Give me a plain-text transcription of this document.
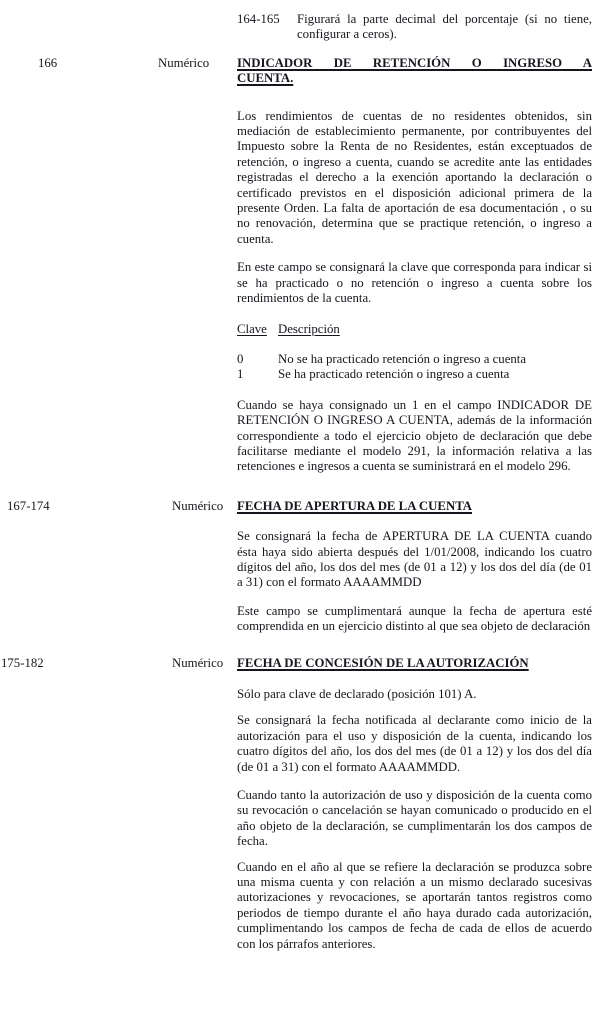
164-165 Figurará la parte decimal del porcentaje (si no tiene, configurar a ceros).
166	Numérico INDICADOR DE RETENCIÓN O INGRESO A
CUENTA.
Los rendimientos de cuentas de no residentes obtenidos, sin mediación de establecimiento permanente, por contribuyentes del Impuesto sobre la Renta de no Residentes, están exceptuados de retención, o ingreso a cuenta, cuando se acredite ante las entidades registradas el derecho a la exención aportando la declaración o certificado previstos en el disposición adicional primera de la presente Orden. La falta de aportación de esa documentación , o su no renovación, determina que se practique retención, o ingreso a cuenta.
En este campo se consignará la clave que corresponda para indicar si se ha practicado o no retención o ingreso a cuenta sobre los rendimientos de la cuenta.
Clave Descripción
0	No se ha practicado retención o ingreso a cuenta
1	Se ha practicado retención o ingreso a cuenta
Cuando se haya consignado un 1 en el campo INDICADOR DE RETENCIÓN O INGRESO A CUENTA, además de la información correspondiente a todo el ejercicio objeto de declaración que debe facilitarse mediante el modelo 291, la información relativa a las retenciones e ingresos a cuenta se suministrará en el modelo 296.
167-174	Numérico FECHA DE APERTURA DE LA CUENTA
Se consignará la fecha de APERTURA DE LA CUENTA cuando ésta haya sido abierta después del 1/01/2008, indicando los cuatro dígitos del año, los dos del mes (de 01 a 12) y los dos del día (de 01 a 31) con el formato AAAAMMDD
Este campo se cumplimentará aunque la fecha de apertura esté comprendida en un ejercicio distinto al que sea objeto de declaración
175-182	Numérico FECHA DE CONCESIÓN DE LA AUTORIZACIÓN
Sólo para clave de declarado (posición 101) A.
Se consignará la fecha notificada al declarante como inicio de la autorización para el uso y disposición de la cuenta, indicando los cuatro dígitos del año, los dos del mes (de 01 a 12) y los dos del día (de 01 a 31) con el formato AAAAMMDD.
Cuando tanto la autorización de uso y disposición de la cuenta como su revocación o cancelación se hayan comunicado o producido en el año objeto de la declaración, se cumplimentarán los dos campos de fecha.
Cuando en el año al que se refiere la declaración se produzca sobre una misma cuenta y con relación a un mismo declarado sucesivas autorizaciones y revocaciones, se aportarán tantos registros como periodos de tiempo durante el año haya durado cada autorización, cumplimentando los campos de fecha de cada de ellos de acuerdo con los párrafos anteriores.
